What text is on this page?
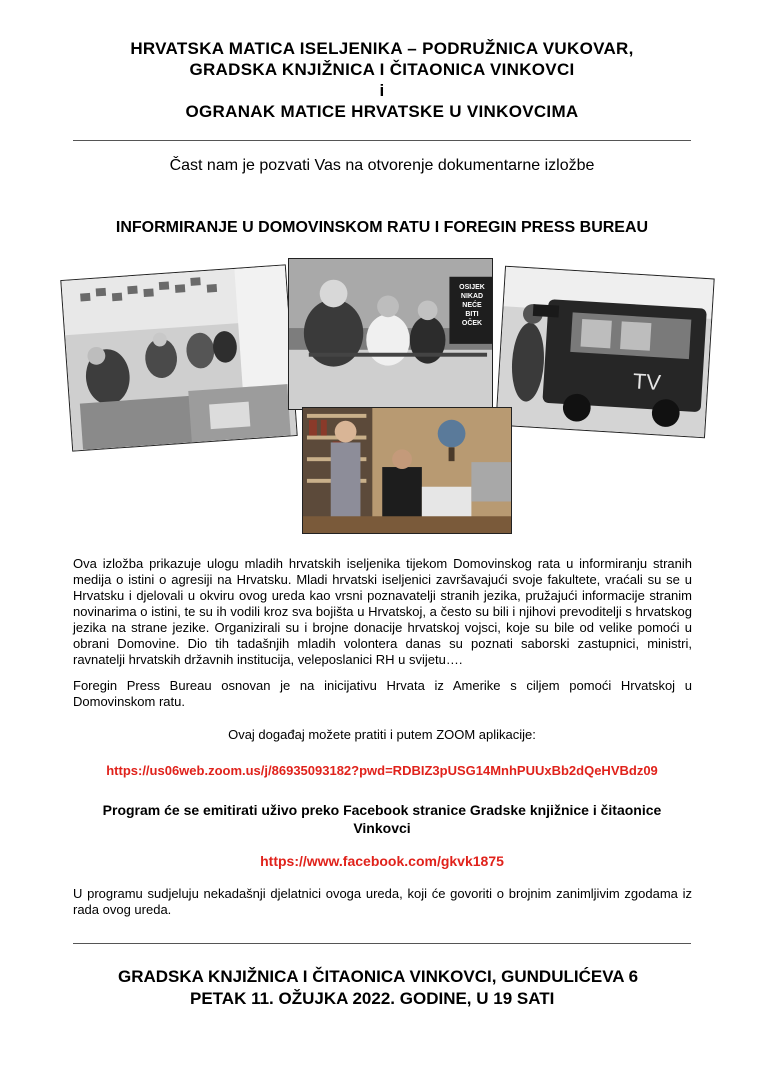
HRVATSKA MATICA ISELJENIKA – PODRUŽNICA VUKOVAR,
GRADSKA KNJIŽNICA I ČITAONICA VINKOVCI
i
OGRANAK MATICE HRVATSKE U VINKOVCIMA
Čast nam je pozvati Vas na otvorenje dokumentarne izložbe
INFORMIRANJE U DOMOVINSKOM RATU I FOREGIN PRESS BUREAU
OSIJEK
NIKAD
NEĆE
BITI
OČEK
TV
Ova izložba prikazuje ulogu mladih hrvatskih iseljenika tijekom Domovinskog rata u informiranju stranih medija o istini o agresiji na Hrvatsku. Mladi hrvatski iseljenici završavajući svoje fakultete, vraćali su se u Hrvatsku i djelovali u okviru ovog ureda kao vrsni poznavatelji stranih jezika, pružajući informacije stranim novinarima o istini, te su ih vodili kroz sva bojišta u Hrvatskoj, a često su bili i njihovi prevoditelji s hrvatskog jezika na strane jezike. Organizirali su i brojne donacije hrvatskoj vojsci, koje su bile od velike pomoći u obrani Domovine. Dio tih tadašnjih mladih volontera danas su poznati saborski zastupnici, ministri, ravnatelji hrvatskih državnih institucija, veleposlanici RH u svijetu….
Foregin Press Bureau osnovan je na inicijativu Hrvata iz Amerike s ciljem pomoći Hrvatskoj u Domovinskom ratu.
Ovaj događaj možete pratiti i putem ZOOM aplikacije:
https://us06web.zoom.us/j/86935093182?pwd=RDBIZ3pUSG14MnhPUUxBb2dQeHVBdz09
Program će se emitirati uživo preko Facebook stranice Gradske knjižnice i čitaonice Vinkovci
https://www.facebook.com/gkvk1875
U programu sudjeluju nekadašnji djelatnici ovoga ureda, koji će govoriti o brojnim zanimljivim zgodama iz rada ovog ureda.
GRADSKA KNJIŽNICA I ČITAONICA VINKOVCI, GUNDULIĆEVA 6
PETAK 11. OŽUJKA 2022. GODINE, U 19 SATI
